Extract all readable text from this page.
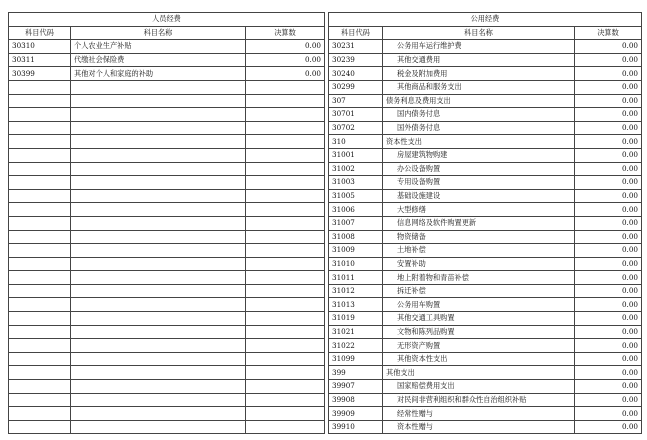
人员经费				公用经费		
科目代码	科目名称	决算数		科目代码	科目名称	决算数
30310	个人农业生产补贴	0.00		30231	公务用车运行维护费	0.00
30311	代缴社会保险费	0.00		30239	其他交通费用	0.00
30399	其他对个人和家庭的补助	0.00		30240	税金及附加费用	0.00
				30299	其他商品和服务支出	0.00
				307	债务利息及费用支出	0.00
				30701	国内债务付息	0.00
				30702	国外债务付息	0.00
				310	资本性支出	0.00
				31001	房屋建筑物购建	0.00
				31002	办公设备购置	0.00
				31003	专用设备购置	0.00
				31005	基础设施建设	0.00
				31006	大型修缮	0.00
				31007	信息网络及软件购置更新	0.00
				31008	物资储备	0.00
				31009	土地补偿	0.00
				31010	安置补助	0.00
				31011	地上附着物和青苗补偿	0.00
				31012	拆迁补偿	0.00
				31013	公务用车购置	0.00
				31019	其他交通工具购置	0.00
				31021	文物和陈列品购置	0.00
				31022	无形资产购置	0.00
				31099	其他资本性支出	0.00
				399	其他支出	0.00
				39907	国家赔偿费用支出	0.00
				39908	对民间非营利组织和群众性自治组织补贴	0.00
				39909	经常性赠与	0.00
				39910	资本性赠与	0.00
